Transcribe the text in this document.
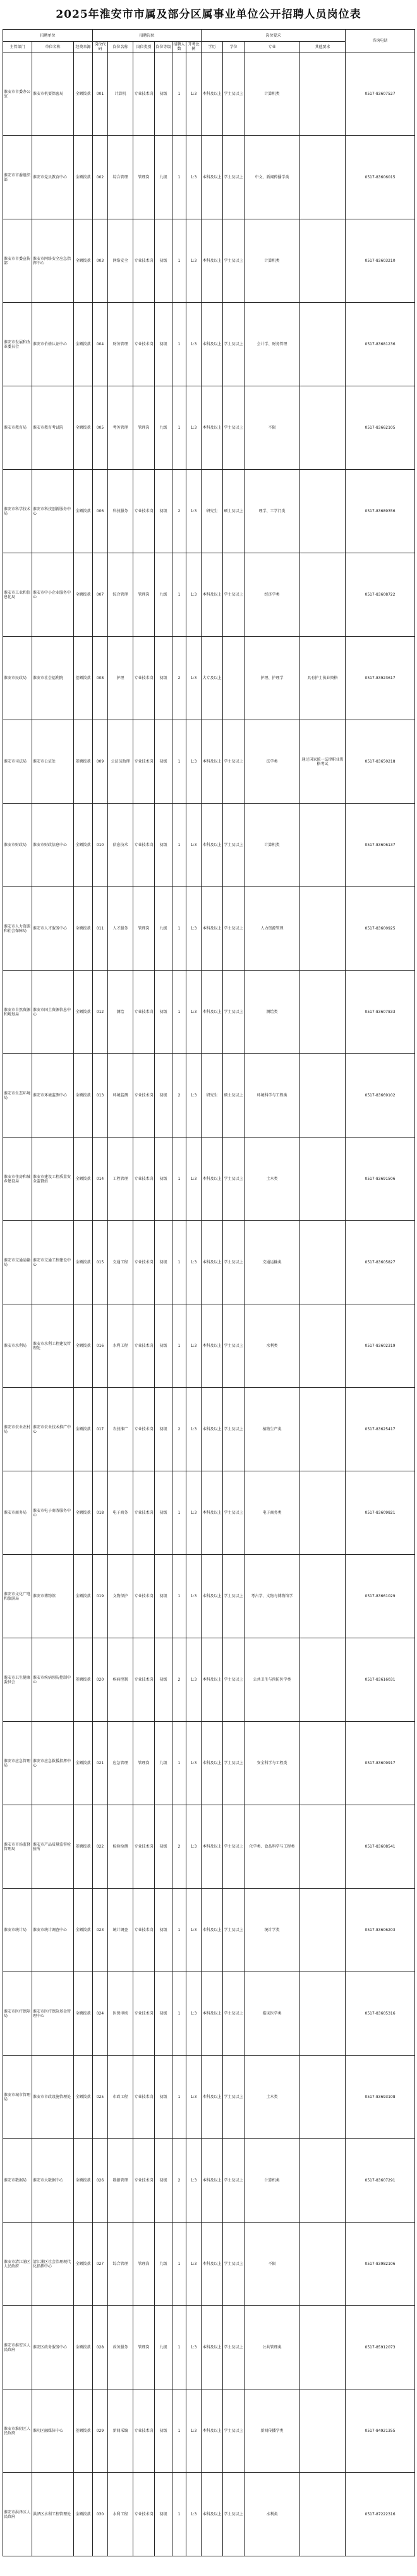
2025年淮安市市属及部分区属事业单位公开招聘人员岗位表
招聘单位			招聘岗位						岗位要求				咨询电话
主管部门	单位名称	经费来源	岗位代码	岗位名称	岗位类别	岗位等级	招聘人数	开考比例	学历	学位	专业	其他要求	
淮安市市委办公室	淮安市机要保密局	全额拨款	001	计算机	专业技术岗	初级	1	1:3	本科及以上	学士及以上	计算机类		0517-83607527
淮安市市委组织部	淮安市党员教育中心	全额拨款	002	综合管理	管理岗	九级	1	1:3	本科及以上	学士及以上	中文、新闻传播学类		0517-83606015
淮安市市委宣传部	淮安市网络安全应急指挥中心	全额拨款	003	网络安全	专业技术岗	初级	1	1:3	本科及以上	学士及以上	计算机类		0517-83603210
淮安市发展和改革委员会	淮安市价格认证中心	全额拨款	004	财务管理	专业技术岗	初级	1	1:3	本科及以上	学士及以上	会计学、财务管理		0517-83681236
淮安市教育局	淮安市教育考试院	全额拨款	005	考务管理	管理岗	九级	1	1:3	本科及以上	学士及以上	不限		0517-83662105
淮安市科学技术局	淮安市科技创新服务中心	全额拨款	006	科技服务	专业技术岗	初级	2	1:3	研究生	硕士及以上	理学、工学门类		0517-83689356
淮安市工业和信息化局	淮安市中小企业服务中心	全额拨款	007	综合管理	管理岗	九级	1	1:3	本科及以上	学士及以上	经济学类		0517-83608722
淮安市民政局	淮安市社会福利院	差额拨款	008	护理	专业技术岗	初级	2	1:3	大专及以上		护理、护理学	具有护士执业资格	0517-83923617
淮安市司法局	淮安市公证处	差额拨款	009	公证员助理	专业技术岗	初级	1	1:3	本科及以上	学士及以上	法学类	通过国家统一法律职业资格考试	0517-83650218
淮安市财政局	淮安市财政信息中心	全额拨款	010	信息技术	专业技术岗	初级	1	1:3	本科及以上	学士及以上	计算机类		0517-83606137
淮安市人力资源和社会保障局	淮安市人才服务中心	全额拨款	011	人才服务	管理岗	九级	1	1:3	本科及以上	学士及以上	人力资源管理		0517-83600925
淮安市自然资源和规划局	淮安市国土资源信息中心	全额拨款	012	测绘	专业技术岗	初级	1	1:3	本科及以上	学士及以上	测绘类		0517-83607833
淮安市生态环境局	淮安市环境监测中心	全额拨款	013	环境监测	专业技术岗	初级	2	1:3	研究生	硕士及以上	环境科学与工程类		0517-83669102
淮安市住房和城乡建设局	淮安市建设工程质量安全监督站	全额拨款	014	工程管理	专业技术岗	初级	1	1:3	本科及以上	学士及以上	土木类		0517-83691506
淮安市交通运输局	淮安市交通工程建设中心	全额拨款	015	交通工程	专业技术岗	初级	1	1:3	本科及以上	学士及以上	交通运输类		0517-83605827
淮安市水利局	淮安市水利工程建设管理处	全额拨款	016	水利工程	专业技术岗	初级	1	1:3	本科及以上	学士及以上	水利类		0517-83602319
淮安市农业农村局	淮安市农业技术推广中心	全额拨款	017	农技推广	专业技术岗	初级	2	1:3	本科及以上	学士及以上	植物生产类		0517-83625417
淮安市商务局	淮安市电子商务服务中心	全额拨款	018	电子商务	专业技术岗	初级	1	1:3	本科及以上	学士及以上	电子商务类		0517-83609821
淮安市文化广电和旅游局	淮安市博物馆	全额拨款	019	文物保护	专业技术岗	初级	1	1:3	本科及以上	学士及以上	考古学、文物与博物馆学		0517-83661029
淮安市卫生健康委员会	淮安市疾病预防控制中心	差额拨款	020	疾病控制	专业技术岗	初级	2	1:3	本科及以上	学士及以上	公共卫生与预防医学类		0517-83616031
淮安市应急管理局	淮安市应急救援指挥中心	全额拨款	021	应急管理	管理岗	九级	1	1:3	本科及以上	学士及以上	安全科学与工程类		0517-83609917
淮安市市场监督管理局	淮安市产品质量监督检验所	差额拨款	022	检验检测	专业技术岗	初级	2	1:3	本科及以上	学士及以上	化学类、食品科学与工程类		0517-83608541
淮安市统计局	淮安市统计调查中心	全额拨款	023	统计调查	专业技术岗	初级	1	1:3	本科及以上	学士及以上	统计学类		0517-83606203
淮安市医疗保障局	淮安市医疗保险基金管理中心	全额拨款	024	医保审核	专业技术岗	初级	1	1:3	本科及以上	学士及以上	临床医学类		0517-83605316
淮安市城市管理局	淮安市市政设施管理处	全额拨款	025	市政工程	专业技术岗	初级	1	1:3	本科及以上	学士及以上	土木类		0517-83693108
淮安市数据局	淮安市大数据中心	全额拨款	026	数据管理	专业技术岗	初级	2	1:3	本科及以上	学士及以上	计算机类		0517-83607291
淮安市清江浦区人民政府	清江浦区社会治理现代化指挥中心	全额拨款	027	综合管理	管理岗	九级	1	1:3	本科及以上	学士及以上	不限		0517-83982106
淮安市淮安区人民政府	淮安区政务服务中心	全额拨款	028	政务服务	管理岗	九级	1	1:3	本科及以上	学士及以上	公共管理类		0517-85912073
淮安市淮阴区人民政府	淮阴区融媒体中心	差额拨款	029	新闻采编	专业技术岗	初级	1	1:3	本科及以上	学士及以上	新闻传播学类		0517-84921355
淮安市洪泽区人民政府	洪泽区水利工程管理处	全额拨款	030	水利工程	专业技术岗	初级	1	1:3	本科及以上	学士及以上	水利类		0517-87222316
